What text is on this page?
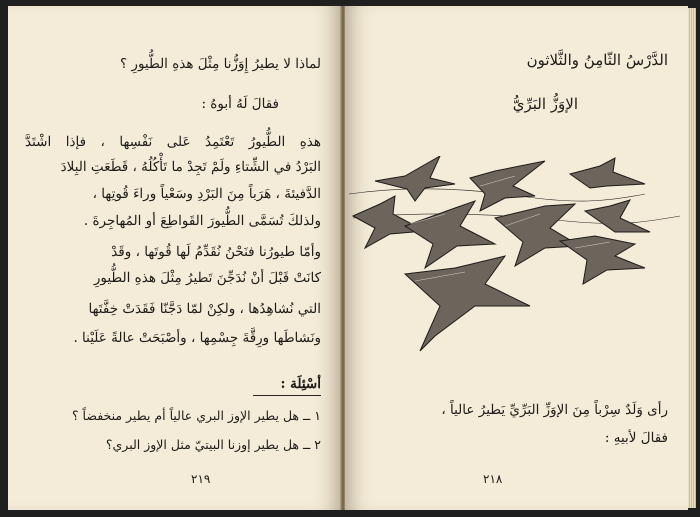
لماذا لا يطيرُ إِوَزُّنا مِثْلَ هذهِ الطُّيورِ ؟
فقالَ لَهُ أبوهُ :
هذهِ الطُّيورُ تَعْتَمِدُ عَلى نَفْسِها ، فإذا اشْتَدَّ
البَرْدُ في الشِّتاءِ ولَمْ تَجِدْ ما تَأْكُلُهُ ، قَطَعَتِ البِلادَ
الدَّفيئةَ ، هَرَباً مِنَ البَرْدِ وسَعْياً وراءَ قُوتِها ،
ولذلكَ تُسَمَّى الطُّيورَ القَواطِعَ أو المُهاجِرةَ .
وأمّا طيورُنا فنَحْنُ نُقَدِّمُ لَها قُوتَها ، وقَدْ
كانَتْ قَبْلَ أنْ نُدَجِّنَ تَطيرُ مِثْلَ هذهِ الطُّيورِ
التي نُشاهِدُها ، ولكِنْ لمّا دَجَّنّا فَقَدَتْ خِفَّتَها
ونَشاطَها ورِقَّةَ جِسْمِها ، وأصْبَحَتْ عالةً عَلَيْنا .
أسْئِلَة :
١ ــ هل يطير الإوز البري عالياً أم يطير منخفضاً ؟
٢ ــ هل يطير إوزنا البيتيّ مثل الإوز البري؟
٢١٩
الدَّرْسُ الثّامِنُ والثَّلاثون
الإوَزُّ البَرِّيُّ
رأى وَلَدٌ سِرْباً مِنَ الإوَزِّ البَرِّيِّ يَطيرُ عالياً ،
فقالَ لأبيهِ :
٢١٨
